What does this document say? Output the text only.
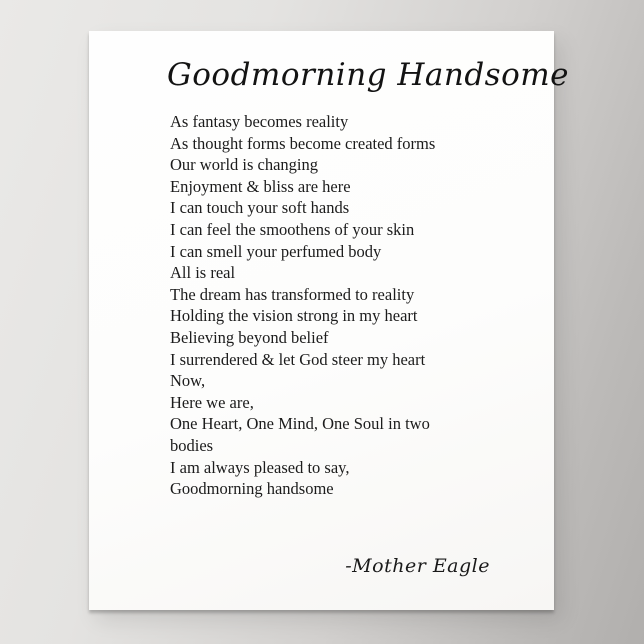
Goodmorning Handsome
As fantasy becomes reality
As thought forms become created forms
Our world is changing
Enjoyment & bliss are here
I can touch your soft hands
I can feel the smoothens of your skin
I can smell your perfumed body
All is real
The dream has transformed to reality
Holding the vision strong in my heart
Believing beyond belief
I surrendered & let God steer my heart
Now,
Here we are,
One Heart, One Mind, One Soul in two
bodies
I am always pleased to say,
Goodmorning handsome
-Mother Eagle
